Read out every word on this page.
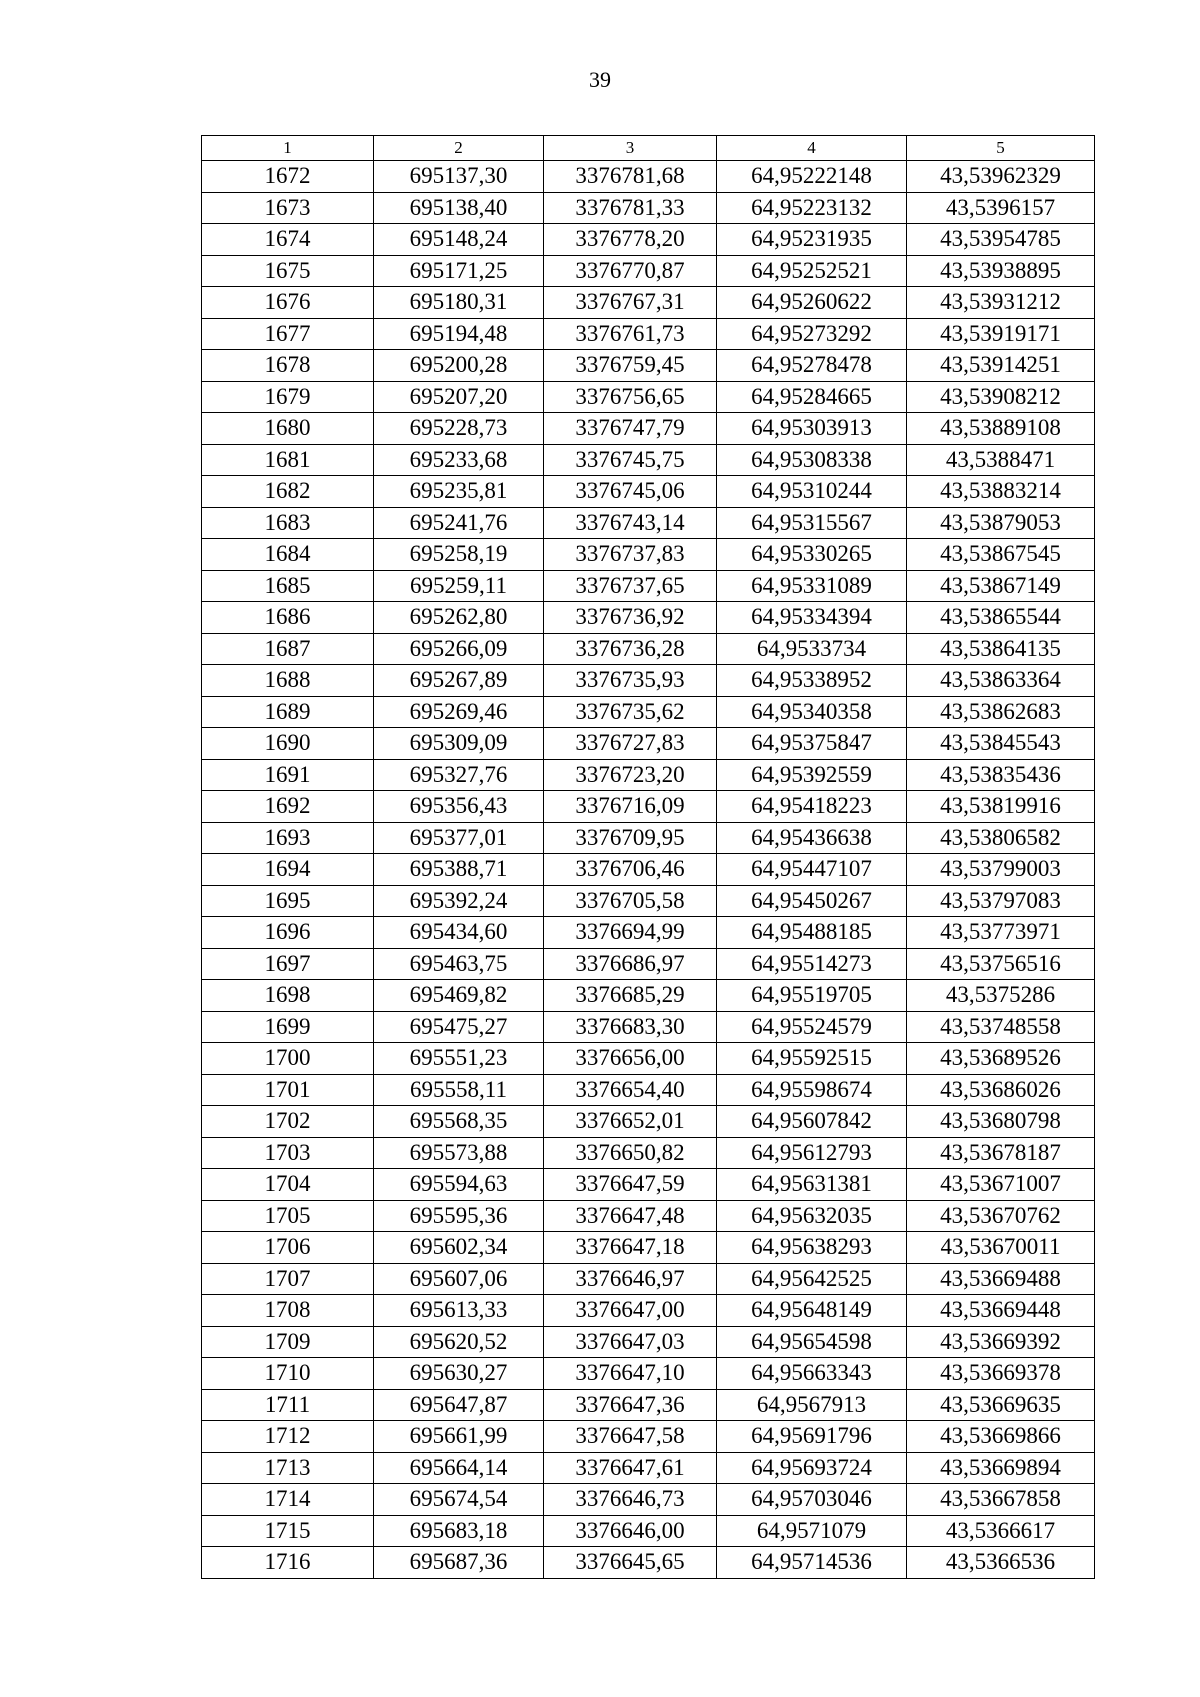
39
1	2	3	4	5
1672	695137,30	3376781,68	64,95222148	43,53962329
1673	695138,40	3376781,33	64,95223132	43,5396157
1674	695148,24	3376778,20	64,95231935	43,53954785
1675	695171,25	3376770,87	64,95252521	43,53938895
1676	695180,31	3376767,31	64,95260622	43,53931212
1677	695194,48	3376761,73	64,95273292	43,53919171
1678	695200,28	3376759,45	64,95278478	43,53914251
1679	695207,20	3376756,65	64,95284665	43,53908212
1680	695228,73	3376747,79	64,95303913	43,53889108
1681	695233,68	3376745,75	64,95308338	43,5388471
1682	695235,81	3376745,06	64,95310244	43,53883214
1683	695241,76	3376743,14	64,95315567	43,53879053
1684	695258,19	3376737,83	64,95330265	43,53867545
1685	695259,11	3376737,65	64,95331089	43,53867149
1686	695262,80	3376736,92	64,95334394	43,53865544
1687	695266,09	3376736,28	64,9533734	43,53864135
1688	695267,89	3376735,93	64,95338952	43,53863364
1689	695269,46	3376735,62	64,95340358	43,53862683
1690	695309,09	3376727,83	64,95375847	43,53845543
1691	695327,76	3376723,20	64,95392559	43,53835436
1692	695356,43	3376716,09	64,95418223	43,53819916
1693	695377,01	3376709,95	64,95436638	43,53806582
1694	695388,71	3376706,46	64,95447107	43,53799003
1695	695392,24	3376705,58	64,95450267	43,53797083
1696	695434,60	3376694,99	64,95488185	43,53773971
1697	695463,75	3376686,97	64,95514273	43,53756516
1698	695469,82	3376685,29	64,95519705	43,5375286
1699	695475,27	3376683,30	64,95524579	43,53748558
1700	695551,23	3376656,00	64,95592515	43,53689526
1701	695558,11	3376654,40	64,95598674	43,53686026
1702	695568,35	3376652,01	64,95607842	43,53680798
1703	695573,88	3376650,82	64,95612793	43,53678187
1704	695594,63	3376647,59	64,95631381	43,53671007
1705	695595,36	3376647,48	64,95632035	43,53670762
1706	695602,34	3376647,18	64,95638293	43,53670011
1707	695607,06	3376646,97	64,95642525	43,53669488
1708	695613,33	3376647,00	64,95648149	43,53669448
1709	695620,52	3376647,03	64,95654598	43,53669392
1710	695630,27	3376647,10	64,95663343	43,53669378
1711	695647,87	3376647,36	64,9567913	43,53669635
1712	695661,99	3376647,58	64,95691796	43,53669866
1713	695664,14	3376647,61	64,95693724	43,53669894
1714	695674,54	3376646,73	64,95703046	43,53667858
1715	695683,18	3376646,00	64,9571079	43,5366617
1716	695687,36	3376645,65	64,95714536	43,5366536
